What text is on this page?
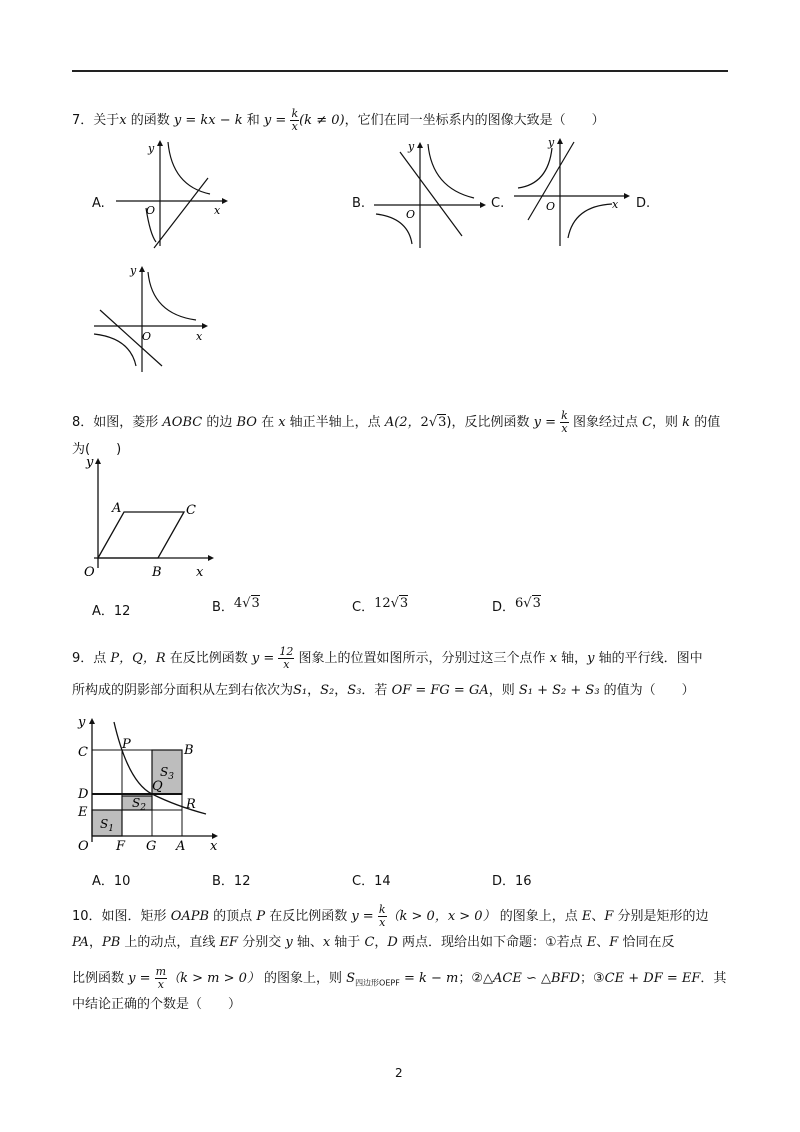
7．关于x 的函数 y = kx − k 和 $y = \frac{k}{x} (k \ne 0)$，它们在同一坐标系内的图像大致是（　　）
A.	B.	C.	D.
y
O	x
y
O
y
O	x
y
O	x
8．如图，菱形 AOBC 的边 BO 在 x 轴正半轴上，点 A(2，2√3)，反比例函数 $y = \frac{k}{x}$ 图象经过点 C，则 k 的值
为(　　)
y
A	C
O	B	x
A．12	B．4√3	C．12√3	D．6√3
9．点 P，Q，R 在反比例函数 $y = \frac{12}{x}$ 图象上的位置如图所示，分别过这三个点作 x 轴，y 轴的平行线．图中
所构成的阴影部分面积从左到右依次为S₁，S₂，S₃．若 OF = FG = GA，则 S₁ + S₂ + S₃ 的值为（　　）
y
C
P	B
$S_3$
D
Q
E
$S_2$	R
$S_1$
O F G A x
A．10	B．12	C．14	D．16
10．如图．矩形 OAPB 的顶点 P 在反比例函数 $y = \frac{k}{x} (k > 0$，x > 0） 的图象上，点 E、F 分别是矩形的边
PA，PB 上的动点，直线 EF 分别交 y 轴、x 轴于 C，D 两点．现给出如下命题：①若点 E、F 恰同在反
比例函数 $y = \frac{m}{x} (k > m > 0)$ 的图象上，则 $S_{四边形OEPF} = k - m$；②△ACE ∽ △BFD；③CE + DF = EF．其
中结论正确的个数是（　　）
2
